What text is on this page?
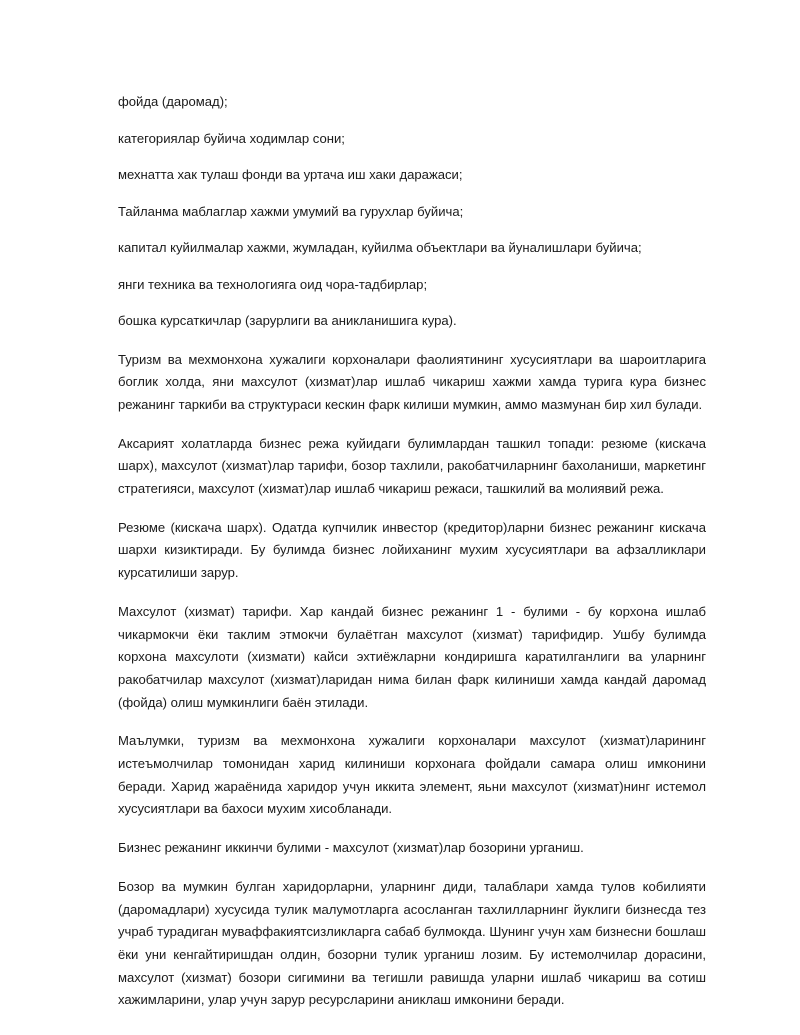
фойда (даромад);

категориялар буйича ходимлар сони;

мехнатта хак тулаш фонди ва уртача иш хаки даражаси;

Тайланма маблаглар хажми умумий ва гурухлар буйича;

капитал куйилмалар хажми, жумладан, куйилма объектлари ва йуналишлари буйича;

янги техника ва технологияга оид чора-тадбирлар;

бошка курсаткичлар (зарурлиги ва аникланишига кура).

Туризм ва мехмонхона хужалиги корхоналари фаолиятининг хусусиятлари ва шароитларига боглик холда, яни махсулот (хизмат)лар ишлаб чикариш хажми хамда турига кура бизнес режанинг таркиби ва структураси кескин фарк килиши мумкин, аммо мазмунан бир хил булади.

Аксарият холатларда бизнес режа куйидаги булимлардан ташкил топади: резюме (кискача шарх), махсулот (хизмат)лар тарифи, бозор тахлили, ракобатчиларнинг бахоланиши, маркетинг стратегияси, махсулот (хизмат)лар ишлаб чикариш режаси, ташкилий ва молиявий режа.

Резюме (кискача шарх). Одатда купчилик инвестор (кредитор)ларни бизнес режанинг кискача шархи кизиктиради. Бу булимда бизнес лойиханинг мухим хусусиятлари ва афзалликлари курсатилиши зарур.

Махсулот (хизмат) тарифи. Хар кандай бизнес режанинг 1 - булими - бу корхона ишлаб чикармокчи ёки таклим этмокчи булаётган махсулот (хизмат) тарифидир. Ушбу булимда корхона махсулоти (хизмати) кайси эхтиёжларни кондиришга каратилганлиги ва уларнинг ракобатчилар махсулот (хизмат)ларидан нима билан фарк килиниши хамда кандай даромад (фойда) олиш мумкинлиги баён этилади.

Маълумки, туризм ва мехмонхона хужалиги корхоналари махсулот (хизмат)ларининг истеъмолчилар томонидан харид килиниши корхонага фойдали самара олиш имконини беради. Харид жараёнида харидор учун иккита элемент, яьни махсулот (хизмат)нинг истемол хусусиятлари ва бахоси мухим хисобланади.

Бизнес режанинг иккинчи булими - махсулот (хизмат)лар бозорини урганиш.

Бозор ва мумкин булган харидорларни, уларнинг диди, талаблари хамда тулов кобилияти (даромадлари) хусусида тулик малумотларга асосланган тахлилларнинг йуклиги бизнесда тез учраб турадиган муваффакиятсизликларга сабаб булмокда. Шунинг учун хам бизнесни бошлаш ёки уни кенгайтиришдан олдин, бозорни тулик урганиш лозим. Бу истемолчилар дорасини, махсулот (хизмат) бозори сигимини ва тегишли равишда уларни ишлаб чикариш ва сотиш хажимларини, улар учун зарур ресурсларини аниклаш имконини беради.
